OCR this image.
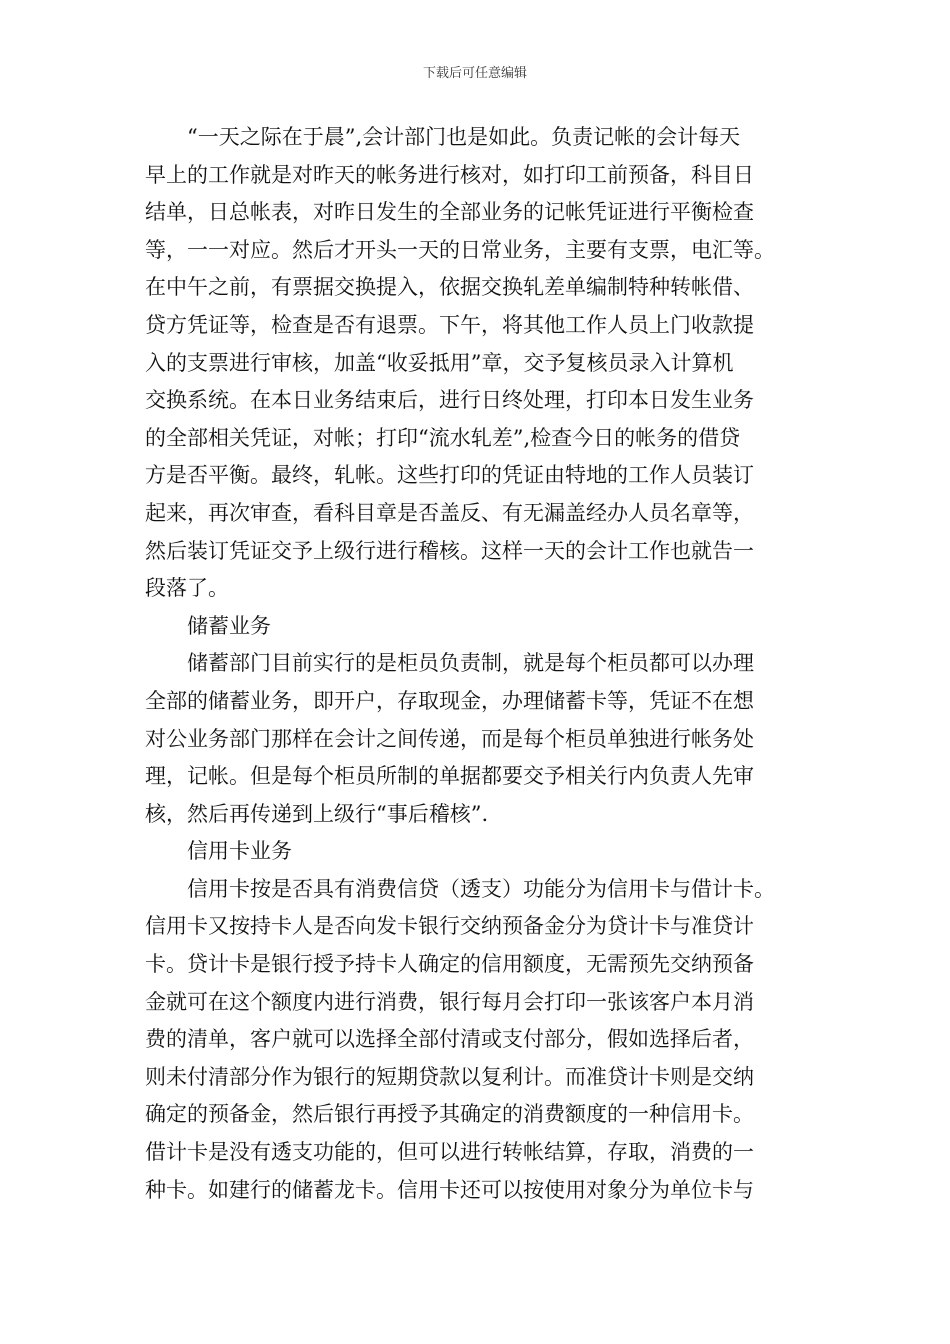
下载后可任意编辑
“一天之际在于晨”,会计部门也是如此。负责记帐的会计每天
早上的工作就是对昨天的帐务进行核对，如打印工前预备，科目日
结单，日总帐表，对昨日发生的全部业务的记帐凭证进行平衡检查
等，一一对应。然后才开头一天的日常业务，主要有支票，电汇等。
在中午之前，有票据交换提入，依据交换轧差单编制特种转帐借、
贷方凭证等，检查是否有退票。下午，将其他工作人员上门收款提
入的支票进行审核，加盖“收妥抵用”章，交予复核员录入计算机
交换系统。在本日业务结束后，进行日终处理，打印本日发生业务
的全部相关凭证，对帐；打印“流水轧差”,检查今日的帐务的借贷
方是否平衡。最终，轧帐。这些打印的凭证由特地的工作人员装订
起来，再次审查，看科目章是否盖反、有无漏盖经办人员名章等，
然后装订凭证交予上级行进行稽核。这样一天的会计工作也就告一
段落了。
储蓄业务
储蓄部门目前实行的是柜员负责制，就是每个柜员都可以办理
全部的储蓄业务，即开户，存取现金，办理储蓄卡等，凭证不在想
对公业务部门那样在会计之间传递，而是每个柜员单独进行帐务处
理，记帐。但是每个柜员所制的单据都要交予相关行内负责人先审
核，然后再传递到上级行“事后稽核”.
信用卡业务
信用卡按是否具有消费信贷（透支）功能分为信用卡与借计卡。
信用卡又按持卡人是否向发卡银行交纳预备金分为贷计卡与准贷计
卡。贷计卡是银行授予持卡人确定的信用额度，无需预先交纳预备
金就可在这个额度内进行消费，银行每月会打印一张该客户本月消
费的清单，客户就可以选择全部付清或支付部分，假如选择后者，
则未付清部分作为银行的短期贷款以复利计。而准贷计卡则是交纳
确定的预备金，然后银行再授予其确定的消费额度的一种信用卡。
借计卡是没有透支功能的，但可以进行转帐结算，存取，消费的一
种卡。如建行的储蓄龙卡。信用卡还可以按使用对象分为单位卡与
